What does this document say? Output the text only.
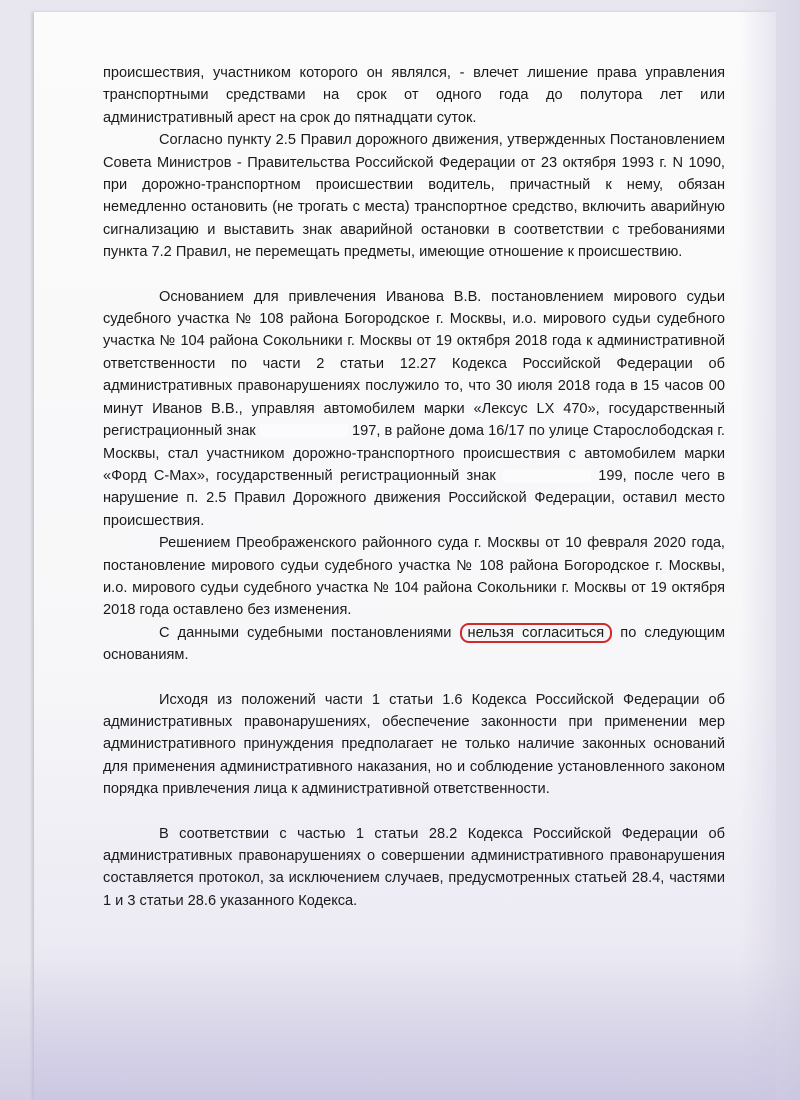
происшествия, участником которого он являлся, - влечет лишение права управления транспортными средствами на срок от одного года до полутора лет или административный арест на срок до пятнадцати суток.

Согласно пункту 2.5 Правил дорожного движения, утвержденных Постановлением Совета Министров - Правительства Российской Федерации от 23 октября 1993 г. N 1090, при дорожно-транспортном происшествии водитель, причастный к нему, обязан немедленно остановить (не трогать с места) транспортное средство, включить аварийную сигнализацию и выставить знак аварийной остановки в соответствии с требованиями пункта 7.2 Правил, не перемещать предметы, имеющие отношение к происшествию.

Основанием для привлечения Иванова В.В. постановлением мирового судьи судебного участка № 108 района Богородское г. Москвы, и.о. мирового судьи судебного участка № 104 района Сокольники г. Москвы от 19 октября 2018 года к административной ответственности по части 2 статьи 12.27 Кодекса Российской Федерации об административных правонарушениях послужило то, что 30 июля 2018 года в 15 часов 00 минут Иванов В.В., управляя автомобилем марки «Лексус LX 470», государственный регистрационный знак	197, в районе дома 16/17 по улице Старослободская г. Москвы, стал участником дорожно-транспортного происшествия с автомобилем марки «Форд C-Max», государственный регистрационный знак	199, после чего в нарушение п. 2.5 Правил Дорожного движения Российской Федерации, оставил место происшествия.

Решением Преображенского районного суда г. Москвы от 10 февраля 2020 года, постановление мирового судьи судебного участка № 108 района Богородское г. Москвы, и.о. мирового судьи судебного участка № 104 района Сокольники г. Москвы от 19 октября 2018 года оставлено без изменения.

С данными судебными постановлениями нельзя согласиться по следующим основаниям.

Исходя из положений части 1 статьи 1.6 Кодекса Российской Федерации об административных правонарушениях, обеспечение законности при применении мер административного принуждения предполагает не только наличие законных оснований для применения административного наказания, но и соблюдение установленного законом порядка привлечения лица к административной ответственности.

В соответствии с частью 1 статьи 28.2 Кодекса Российской Федерации об административных правонарушениях о совершении административного правонарушения составляется протокол, за исключением случаев, предусмотренных статьей 28.4, частями 1 и 3 статьи 28.6 указанного Кодекса.
